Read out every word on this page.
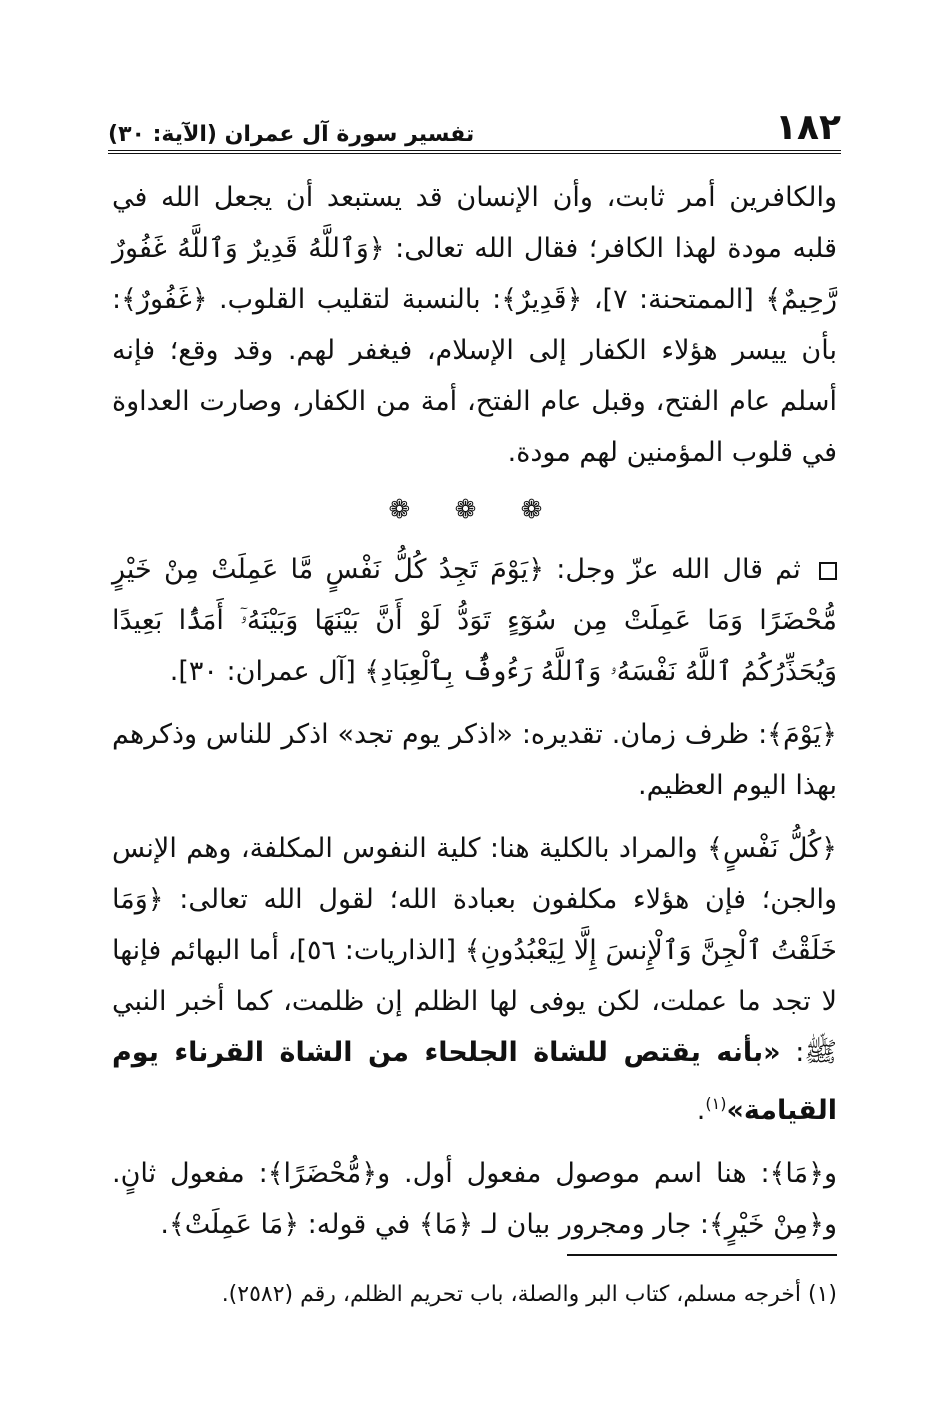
١٨٢
تفسير سورة آل عمران (الآية: ٣٠)

والكافرين أمر ثابت، وأن الإنسان قد يستبعد أن يجعل الله في قلبه مودة لهذا الكافر؛ فقال الله تعالى: ﴿وَٱللَّهُ قَدِيرٌ وَٱللَّهُ غَفُورٌ رَّحِيمٌ﴾ [الممتحنة: ٧]، ﴿قَدِيرٌ﴾: بالنسبة لتقليب القلوب. ﴿غَفُورٌ﴾: بأن ييسر هؤلاء الكفار إلى الإسلام، فيغفر لهم. وقد وقع؛ فإنه أسلم عام الفتح، وقبل عام الفتح، أمة من الكفار، وصارت العداوة في قلوب المؤمنين لهم مودة.

❁ ❁ ❁

ثم قال الله عزّ وجل: ﴿يَوْمَ تَجِدُ كُلُّ نَفْسٍ مَّا عَمِلَتْ مِنْ خَيْرٍ مُّحْضَرًا وَمَا عَمِلَتْ مِن سُوٓءٍ تَوَدُّ لَوْ أَنَّ بَيْنَهَا وَبَيْنَهُۥٓ أَمَدًۢا بَعِيدًا وَيُحَذِّرُكُمُ ٱللَّهُ نَفْسَهُۥ وَٱللَّهُ رَءُوفٌۢ بِٱلْعِبَادِ﴾ [آل عمران: ٣٠].

﴿يَوْمَ﴾: ظرف زمان. تقديره: «اذكر يوم تجد» اذكر للناس وذكرهم بهذا اليوم العظيم.

﴿كُلُّ نَفْسٍ﴾ والمراد بالكلية هنا: كلية النفوس المكلفة، وهم الإنس والجن؛ فإن هؤلاء مكلفون بعبادة الله؛ لقول الله تعالى: ﴿وَمَا خَلَقْتُ ٱلْجِنَّ وَٱلْإِنسَ إِلَّا لِيَعْبُدُونِ﴾ [الذاريات: ٥٦]، أما البهائم فإنها لا تجد ما عملت، لكن يوفى لها الظلم إن ظلمت، كما أخبر النبي ﷺ: «بأنه يقتص للشاة الجلحاء من الشاة القرناء يوم القيامة»$^{(١)}$.

و﴿مَا﴾: هنا اسم موصول مفعول أول. و﴿مُّحْضَرًا﴾: مفعول ثانٍ. و﴿مِنْ خَيْرٍ﴾: جار ومجرور بيان لـ ﴿مَا﴾ في قوله: ﴿مَا عَمِلَتْ﴾.

(١) أخرجه مسلم، كتاب البر والصلة، باب تحريم الظلم، رقم (٢٥٨٢).
